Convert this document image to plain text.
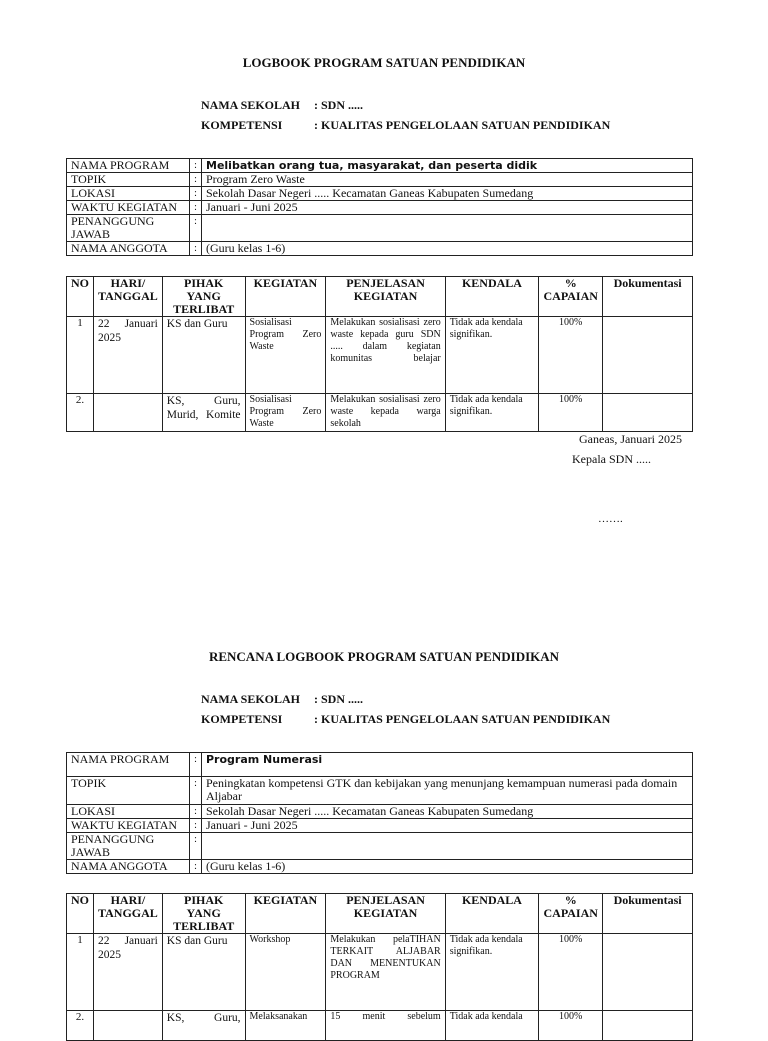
LOGBOOK PROGRAM SATUAN PENDIDIKAN
NAMA SEKOLAH : SDN .....
KOMPETENSI	: KUALITAS PENGELOLAAN SATUAN PENDIDIKAN
NAMA PROGRAM	:	Melibatkan orang tua, masyarakat, dan peserta didik
TOPIK	:	Program Zero Waste
LOKASI	:	Sekolah Dasar Negeri ..... Kecamatan Ganeas Kabupaten Sumedang
WAKTU KEGIATAN	:	Januari - Juni 2025
PENANGGUNG JAWAB	:	
NAMA ANGGOTA	:	(Guru kelas 1-6)
NO	HARI/ TANGGAL	PIHAK YANG TERLIBAT	KEGIATAN	PENJELASAN KEGIATAN	KENDALA	% CAPAIAN	Dokumentasi
1	22 Januari 2025	KS dan Guru	Sosialisasi Program Zero Waste	Melakukan sosialisasi zero waste kepada guru SDN ..... dalam kegiatan komunitas belajar	Tidak ada kendala signifikan.	100%	
2.		KS, Guru, Murid, Komite	Sosialisasi Program Zero Waste	Melakukan sosialisasi zero waste kepada warga sekolah	Tidak ada kendala signifikan.	100%	
Ganeas, Januari 2025
Kepala SDN .....
…….
RENCANA LOGBOOK PROGRAM SATUAN PENDIDIKAN
NAMA SEKOLAH : SDN .....
KOMPETENSI	: KUALITAS PENGELOLAAN SATUAN PENDIDIKAN
NAMA PROGRAM	:	Program Numerasi
TOPIK	:	Peningkatan kompetensi GTK dan kebijakan yang menunjang kemampuan numerasi pada domain Aljabar
LOKASI	:	Sekolah Dasar Negeri ..... Kecamatan Ganeas Kabupaten Sumedang
WAKTU KEGIATAN	:	Januari - Juni 2025
PENANGGUNG JAWAB	:	
NAMA ANGGOTA	:	(Guru kelas 1-6)
NO	HARI/ TANGGAL	PIHAK YANG TERLIBAT	KEGIATAN	PENJELASAN KEGIATAN	KENDALA	% CAPAIAN	Dokumentasi
1	22 Januari 2025	KS dan Guru	Workshop	Melakukan pelaTIHAN TERKAIT ALJABAR DAN MENENTUKAN PROGRAM	Tidak ada kendala signifikan.	100%	
2.		KS, Guru,	Melaksanakan	15 menit sebelum	Tidak ada kendala	100%	
